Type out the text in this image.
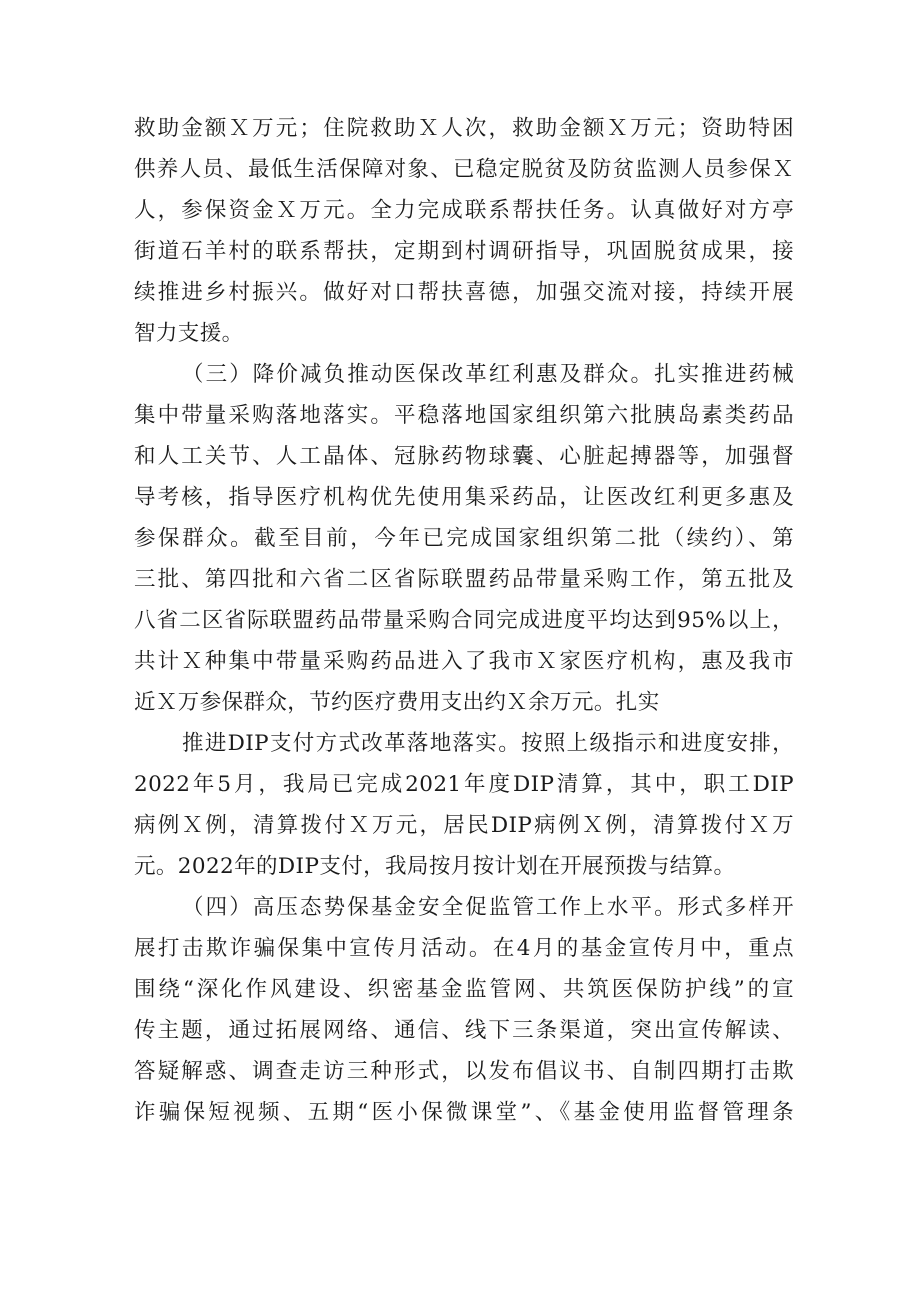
救助金额Ｘ万元；住院救助Ｘ人次，救助金额Ｘ万元；资助特困
供养人员、最低生活保障对象、已稳定脱贫及防贫监测人员参保Ｘ
人，参保资金Ｘ万元。全力完成联系帮扶任务。认真做好对方亭
街道石羊村的联系帮扶，定期到村调研指导，巩固脱贫成果，接
续推进乡村振兴。做好对口帮扶喜德，加强交流对接，持续开展
智力支援。
（三）降价减负推动医保改革红利惠及群众。扎实推进药械
集中带量采购落地落实。平稳落地国家组织第六批胰岛素类药品
和人工关节、人工晶体、冠脉药物球囊、心脏起搏器等，加强督
导考核，指导医疗机构优先使用集采药品，让医改红利更多惠及
参保群众。截至目前，今年已完成国家组织第二批（续约）、第
三批、第四批和六省二区省际联盟药品带量采购工作，第五批及
八省二区省际联盟药品带量采购合同完成进度平均达到95%以上，
共计Ｘ种集中带量采购药品进入了我市Ｘ家医疗机构，惠及我市
近Ｘ万参保群众，节约医疗费用支出约Ｘ余万元。扎实
推进DIP支付方式改革落地落实。按照上级指示和进度安排，
2022年5月，我局已完成2021年度DIP清算，其中，职工DIP
病例Ｘ例，清算拨付Ｘ万元，居民DIP病例Ｘ例，清算拨付Ｘ万
元。2022年的DIP支付，我局按月按计划在开展预拨与结算。
（四）高压态势保基金安全促监管工作上水平。形式多样开
展打击欺诈骗保集中宣传月活动。在4月的基金宣传月中，重点
围绕“深化作风建设、织密基金监管网、共筑医保防护线”的宣
传主题，通过拓展网络、通信、线下三条渠道，突出宣传解读、
答疑解惑、调查走访三种形式，以发布倡议书、自制四期打击欺
诈骗保短视频、五期“医小保微课堂”、《基金使用监督管理条
